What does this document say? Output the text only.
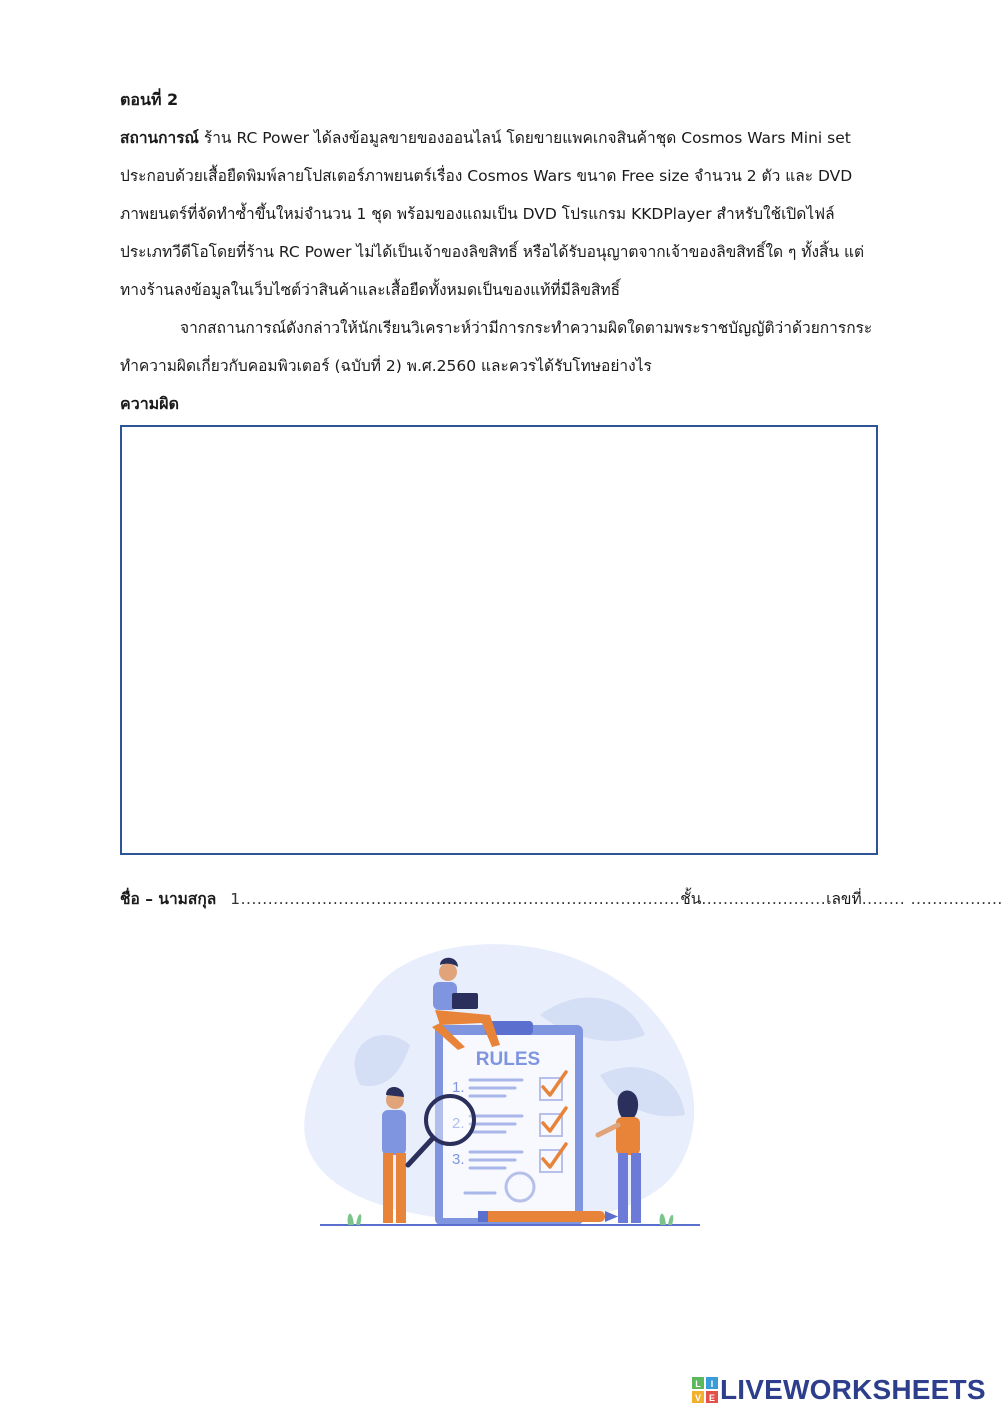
ตอนที่ 2
สถานการณ์ ร้าน RC Power ได้ลงข้อมูลขายของออนไลน์ โดยขายแพคเกจสินค้าชุด Cosmos Wars Mini set ประกอบด้วยเสื้อยืดพิมพ์ลายโปสเตอร์ภาพยนตร์เรื่อง Cosmos Wars ขนาด Free size จำนวน 2 ตัว และ DVD ภาพยนตร์ที่จัดทำซ้ำขึ้นใหม่จำนวน 1 ชุด พร้อมของแถมเป็น DVD โปรแกรม KKDPlayer สำหรับใช้เปิดไฟล์ประเภทวีดีโอโดยที่ร้าน RC Power ไม่ได้เป็นเจ้าของลิขสิทธิ์ หรือได้รับอนุญาตจากเจ้าของลิขสิทธิ์ใด ๆ ทั้งสิ้น แต่ทางร้านลงข้อมูลในเว็บไซต์ว่าสินค้าและเสื้อยืดทั้งหมดเป็นของแท้ที่มีลิขสิทธิ์
จากสถานการณ์ดังกล่าวให้นักเรียนวิเคราะห์ว่ามีการกระทำความผิดใดตามพระราชบัญญัติว่าด้วยการกระทำความผิดเกี่ยวกับคอมพิวเตอร์ (ฉบับที่ 2) พ.ศ.2560 และควรได้รับโทษอย่างไร
ความผิด
ชื่อ – นามสกุล 1................................................................................. ชั้น ....................... เลขที่ ........ .................
RULES
1.
3.
L I
V E LIVEWORKSHEETS
